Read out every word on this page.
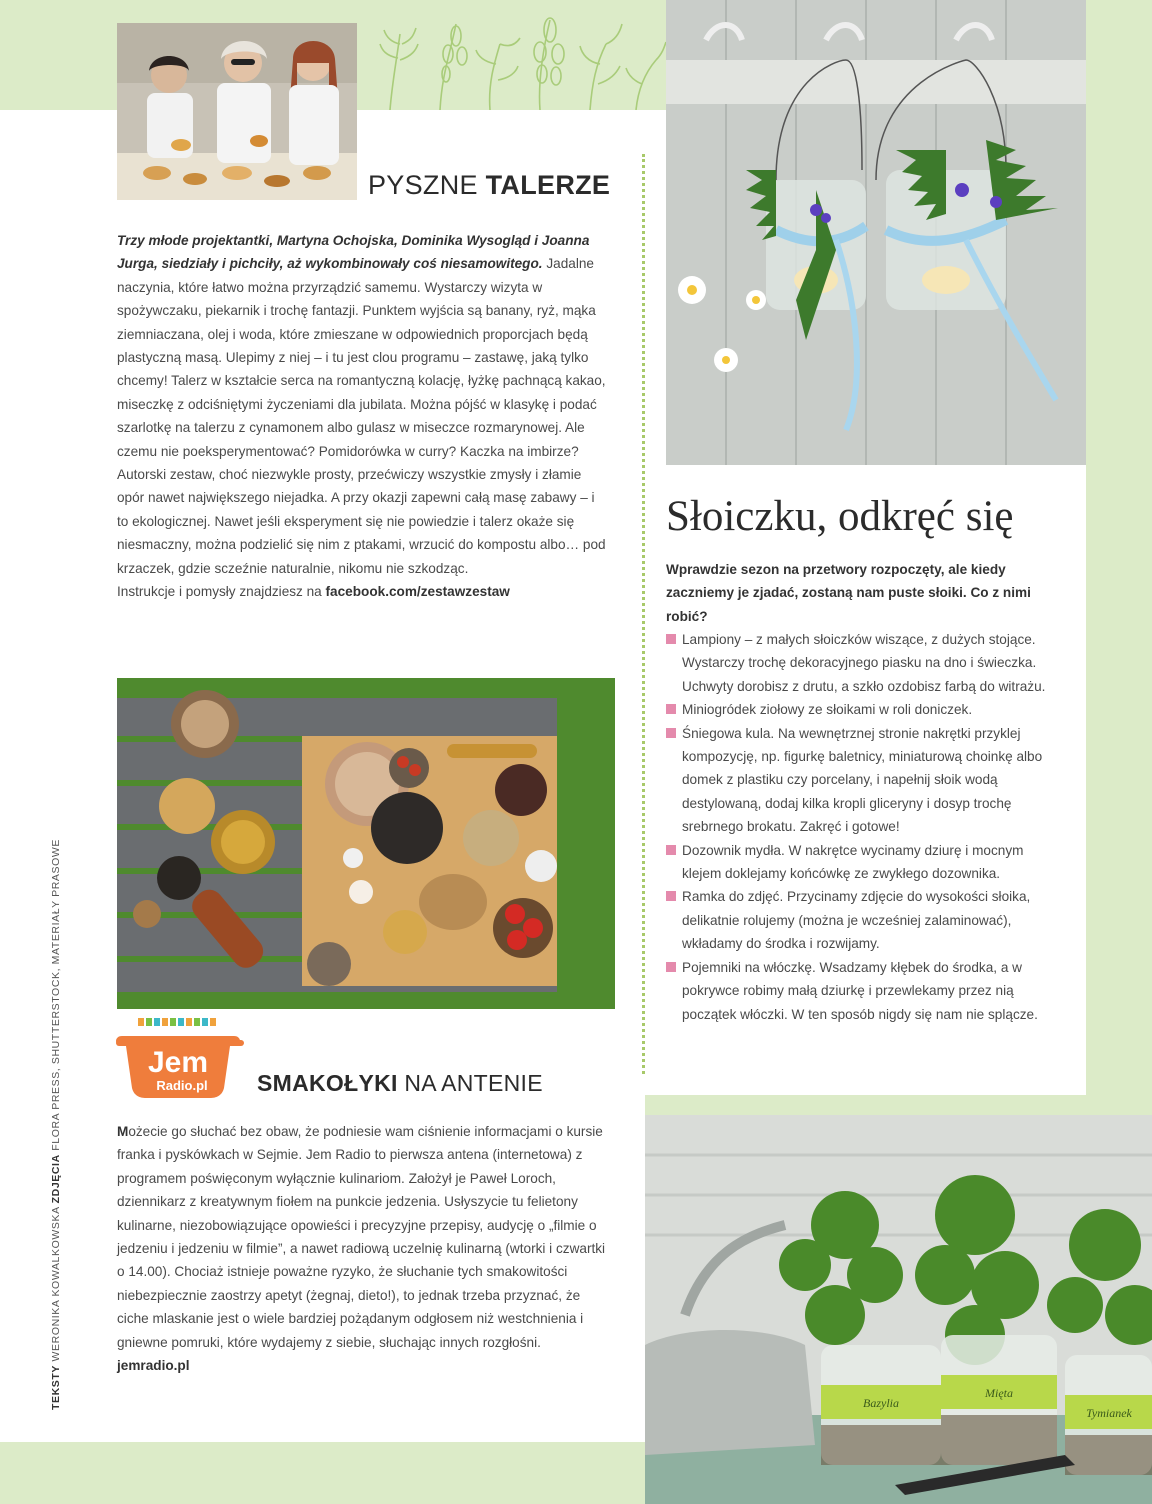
PYSZNE TALERZE

Trzy młode projektantki, Martyna Ochojska, Dominika Wysogląd i Joanna Jurga, siedziały i pichciły, aż wykombinowały coś niesamowitego. Jadalne naczynia, które łatwo można przyrządzić samemu. Wystarczy wizyta w spożywczaku, piekarnik i trochę fantazji. Punktem wyjścia są banany, ryż, mąka ziemniaczana, olej i woda, które zmieszane w odpowiednich proporcjach będą plastyczną masą. Ulepimy z niej – i tu jest clou programu – zastawę, jaką tylko chcemy! Talerz w kształcie serca na romantyczną kolację, łyżkę pachnącą kakao, miseczkę z odciśniętymi życzeniami dla jubilata. Można pójść w klasykę i podać szarlotkę na talerzu z cynamonem albo gulasz w miseczce rozmarynowej. Ale czemu nie poeksperymentować? Pomidorówka w curry? Kaczka na imbirze? Autorski zestaw, choć niezwykle prosty, przećwiczy wszystkie zmysły i złamie opór nawet największego niejadka. A przy okazji zapewni całą masę zabawy – i to ekologicznej. Nawet jeśli eksperyment się nie powiedzie i talerz okaże się niesmaczny, można podzielić się nim z ptakami, wrzucić do kompostu albo… pod krzaczek, gdzie sczeźnie naturalnie, nikomu nie szkodząc.

Instrukcje i pomysły znajdziesz na facebook.com/zestawzestaw

Jem
Radio.pl SMAKOŁYKI NA ANTENIE

Możecie go słuchać bez obaw, że podniesie wam ciśnienie informacjami o kursie franka i pyskówkach w Sejmie. Jem Radio to pierwsza antena (internetowa) z programem poświęconym wyłącznie kulinariom. Założył je Paweł Loroch, dziennikarz z kreatywnym fiołem na punkcie jedzenia. Usłyszycie tu felietony kulinarne, niezobowiązujące opowieści i precyzyjne przepisy, audycję o „filmie o jedzeniu i jedzeniu w filmie”, a nawet radiową uczelnię kulinarną (wtorki i czwartki o 14.00). Chociaż istnieje poważne ryzyko, że słuchanie tych smakowitości niebezpiecznie zaostrzy apetyt (żegnaj, dieto!), to jednak trzeba przyznać, że ciche mlaskanie jest o wiele bardziej pożądanym odgłosem niż westchnienia i gniewne pomruki, które wydajemy z siebie, słuchając innych rozgłośni.

jemradio.pl

TEKSTY WERONIKA KOWALKOWSKA ZDJĘCIA FLORA PRESS, SHUTTERSTOCK, MATERIAŁY PRASOWE
Słoiczku, odkręć się
Wprawdzie sezon na przetwory rozpoczęty, ale kiedy zaczniemy je zjadać, zostaną nam puste słoiki. Co z nimi robić?
Lampiony – z małych słoiczków wiszące, z dużych stojące. Wystarczy trochę dekoracyjnego piasku na dno i świeczka. Uchwyty dorobisz z drutu, a szkło ozdobisz farbą do witrażu.
Miniogródek ziołowy ze słoikami w roli doniczek.
Śniegowa kula. Na wewnętrznej stronie nakrętki przyklej kompozycję, np. figurkę baletnicy, miniaturową choinkę albo domek z plastiku czy porcelany, i napełnij słoik wodą destylowaną, dodaj kilka kropli gliceryny i dosyp trochę srebrnego brokatu. Zakręć i gotowe!
Dozownik mydła. W nakrętce wycinamy dziurę i mocnym klejem doklejamy końcówkę ze zwykłego dozownika.
Ramka do zdjęć. Przycinamy zdjęcie do wysokości słoika, delikatnie rolujemy (można je wcześniej zalaminować), wkładamy do środka i rozwijamy.
Pojemniki na włóczkę. Wsadzamy kłębek do środka, a w pokrywce robimy małą dziurkę i przewlekamy przez nią początek włóczki. W ten sposób nigdy się nam nie splącze.
Bazylia
Mięta
Tymianek
